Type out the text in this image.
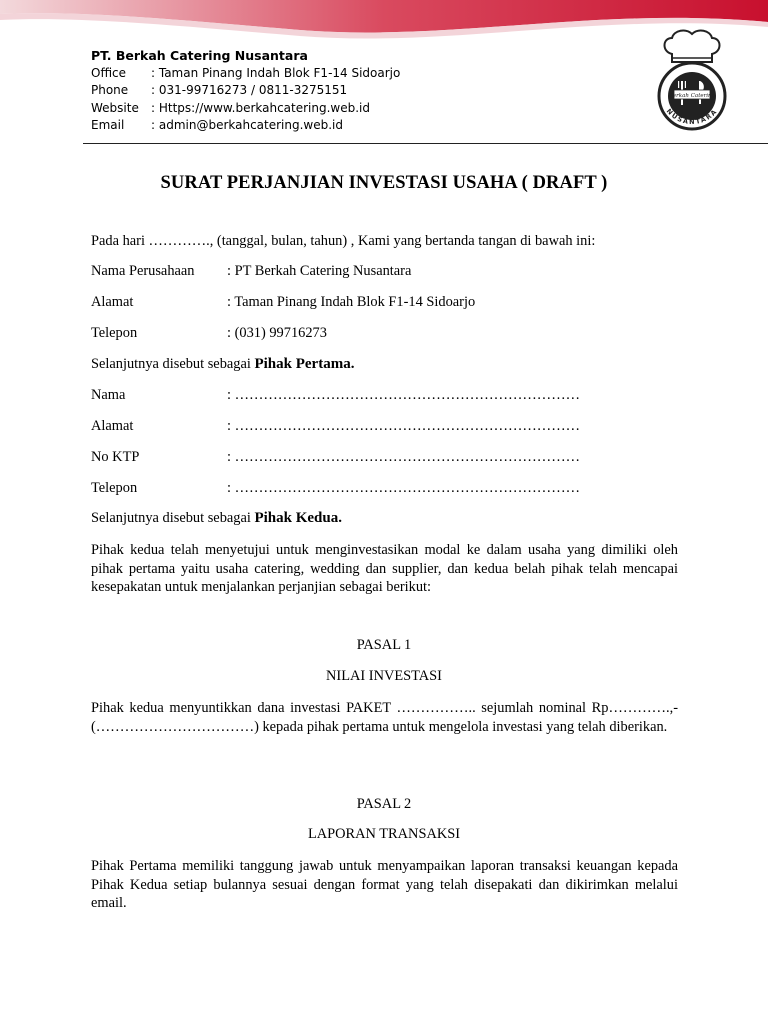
PT. Berkah Catering Nusantara
Office	: Taman Pinang Indah Blok F1-14 Sidoarjo
Phone	: 031-99716273 / 0811-3275151
Website	: Https://www.berkahcatering.web.id
Email	: admin@berkahcatering.web.id
Berkah Catering
NUSANTARA
SURAT PERJANJIAN INVESTASI USAHA ( DRAFT )
Pada hari …………., (tanggal, bulan, tahun) , Kami yang bertanda tangan di bawah ini:
Nama Perusahaan	: PT Berkah Catering Nusantara
Alamat	: Taman Pinang Indah Blok F1-14 Sidoarjo
Telepon	: (031) 99716273
Selanjutnya disebut sebagai Pihak Pertama.
Nama	: ………………………………………………………………
Alamat	: ………………………………………………………………
No KTP	: ………………………………………………………………
Telepon	: ………………………………………………………………
Selanjutnya disebut sebagai Pihak Kedua.
Pihak kedua telah menyetujui untuk menginvestasikan modal ke dalam usaha yang dimiliki oleh pihak pertama yaitu usaha catering, wedding dan supplier, dan kedua belah pihak telah mencapai kesepakatan untuk menjalankan perjanjian sebagai berikut:
PASAL 1
NILAI INVESTASI
Pihak kedua menyuntikkan dana investasi PAKET …………….. sejumlah nominal Rp………….,- (……………………………) kepada pihak pertama untuk mengelola investasi yang telah diberikan.
PASAL 2
LAPORAN TRANSAKSI
Pihak Pertama memiliki tanggung jawab untuk menyampaikan laporan transaksi keuangan kepada Pihak Kedua setiap bulannya sesuai dengan format yang telah disepakati dan dikirimkan melalui email.
